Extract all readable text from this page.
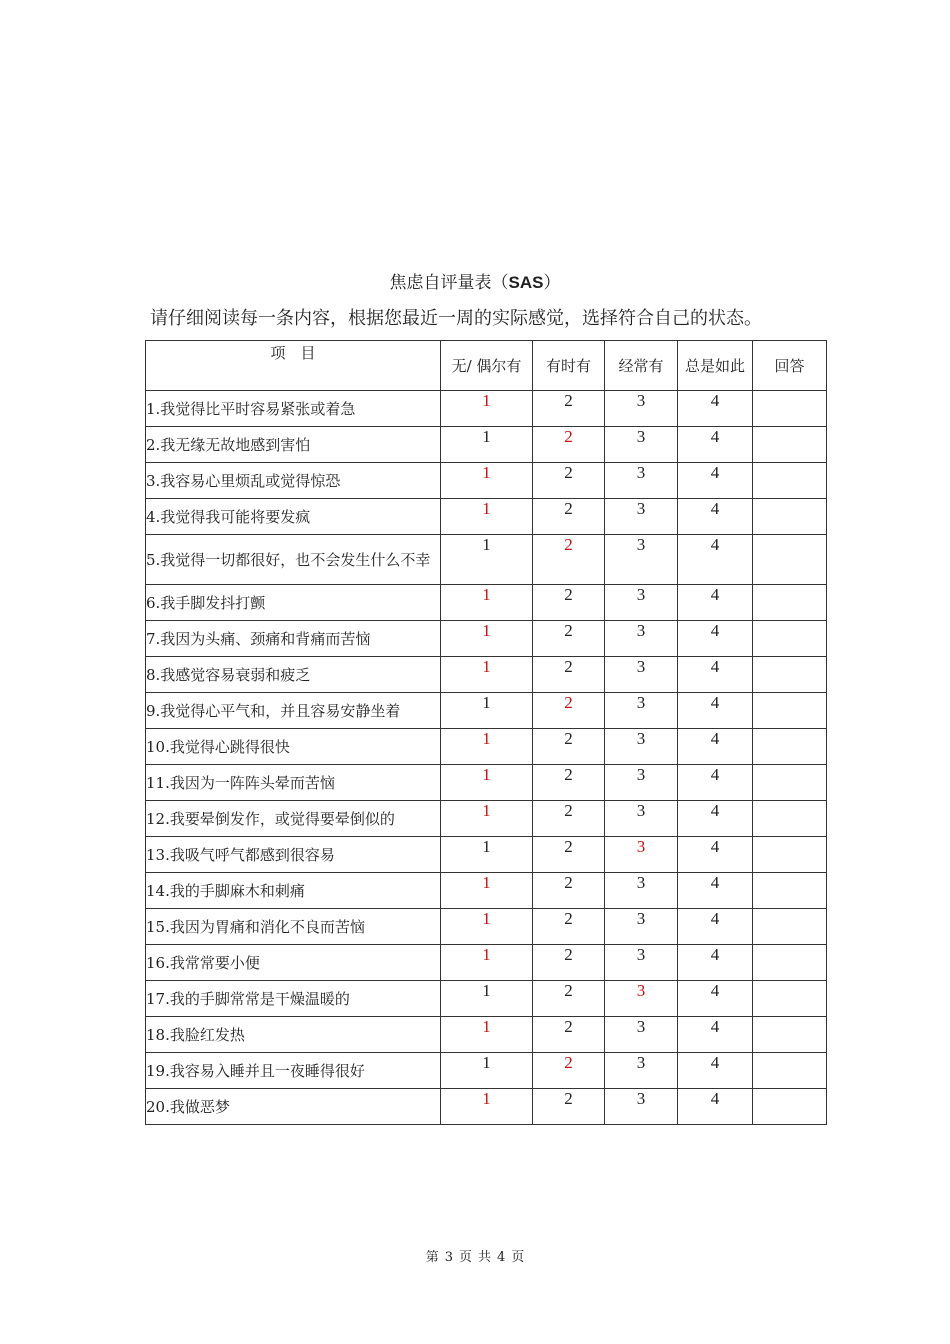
焦虑自评量表（SAS）
请仔细阅读每一条内容，根据您最近一周的实际感觉，选择符合自己的状态。
项　目	无/ 偶尔有	有时有	经常有	总是如此	回答
1.我觉得比平时容易紧张或着急	1	2	3	4	
2.我无缘无故地感到害怕	1	2	3	4	
3.我容易心里烦乱或觉得惊恐	1	2	3	4	
4.我觉得我可能将要发疯	1	2	3	4	
5.我觉得一切都很好，也不会发生什么不幸	1	2	3	4	
6.我手脚发抖打颤	1	2	3	4	
7.我因为头痛、颈痛和背痛而苦恼	1	2	3	4	
8.我感觉容易衰弱和疲乏	1	2	3	4	
9.我觉得心平气和，并且容易安静坐着	1	2	3	4	
10.我觉得心跳得很快	1	2	3	4	
11.我因为一阵阵头晕而苦恼	1	2	3	4	
12.我要晕倒发作，或觉得要晕倒似的	1	2	3	4	
13.我吸气呼气都感到很容易	1	2	3	4	
14.我的手脚麻木和刺痛	1	2	3	4	
15.我因为胃痛和消化不良而苦恼	1	2	3	4	
16.我常常要小便	1	2	3	4	
17.我的手脚常常是干燥温暖的	1	2	3	4	
18.我脸红发热	1	2	3	4	
19.我容易入睡并且一夜睡得很好	1	2	3	4	
20.我做恶梦	1	2	3	4	
第 3 页 共 4 页
